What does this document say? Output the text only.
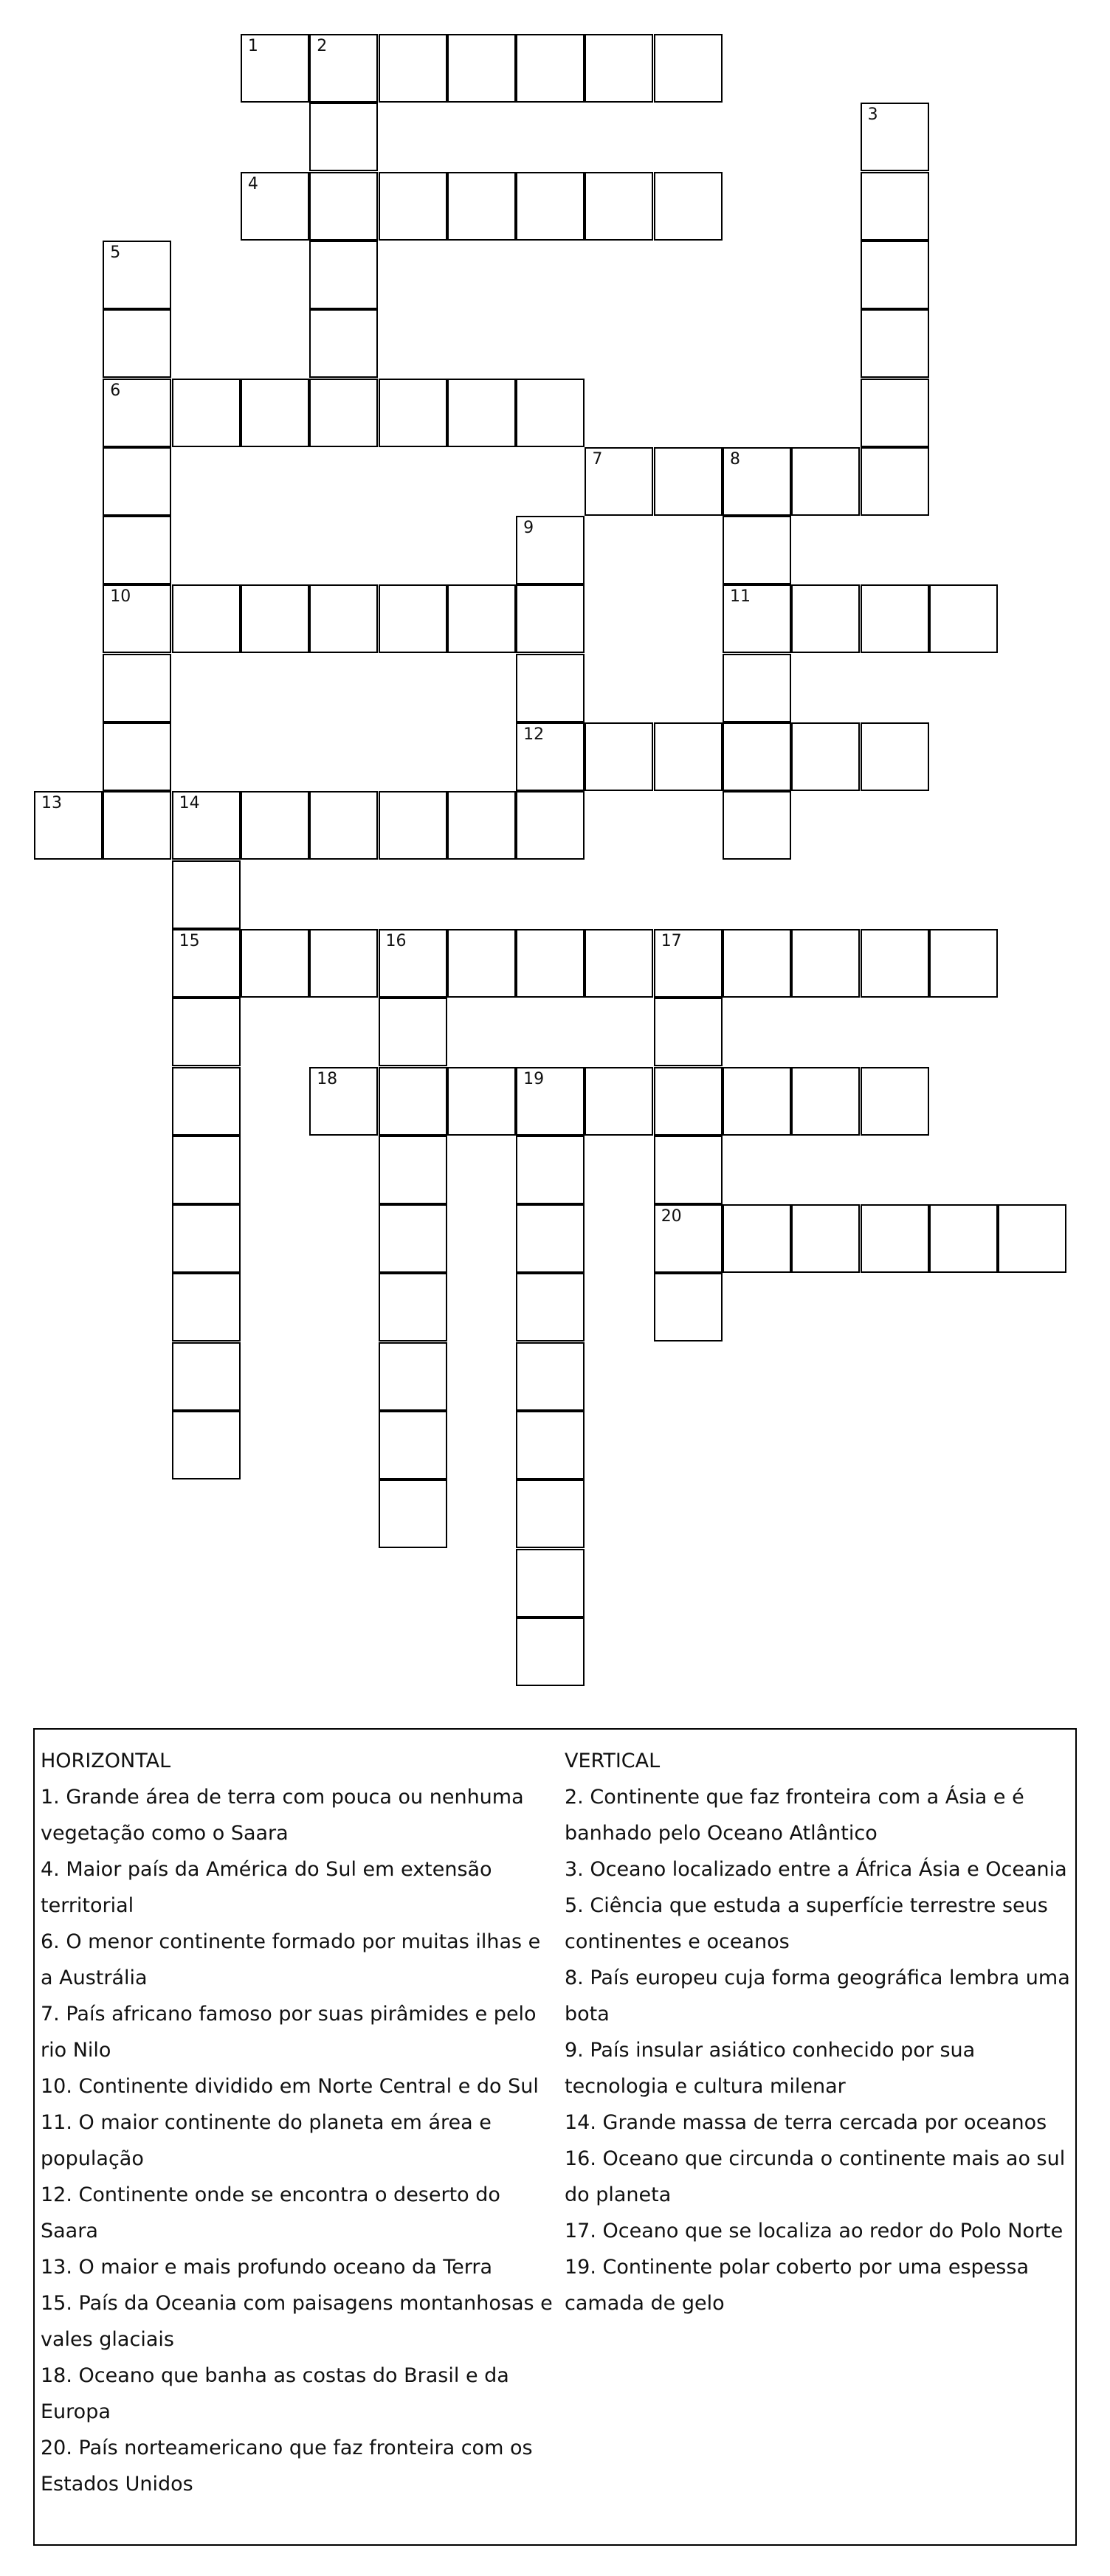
1	2
3
4
5
6
7	8
9
10	11
12
13	14
15	16	17
18	19
20
HORIZONTAL
1. Grande área de terra com pouca ou nenhuma
vegetação como o Saara
4. Maior país da América do Sul em extensão
territorial
6. O menor continente formado por muitas ilhas e
a Austrália
7. País africano famoso por suas pirâmides e pelo
rio Nilo
10. Continente dividido em Norte Central e do Sul
11. O maior continente do planeta em área e
população
12. Continente onde se encontra o deserto do
Saara
13. O maior e mais profundo oceano da Terra
15. País da Oceania com paisagens montanhosas e
vales glaciais
18. Oceano que banha as costas do Brasil e da
Europa
20. País norteamericano que faz fronteira com os
Estados Unidos
VERTICAL
2. Continente que faz fronteira com a Ásia e é
banhado pelo Oceano Atlântico
3. Oceano localizado entre a África Ásia e Oceania
5. Ciência que estuda a superfície terrestre seus
continentes e oceanos
8. País europeu cuja forma geográfica lembra uma
bota
9. País insular asiático conhecido por sua
tecnologia e cultura milenar
14. Grande massa de terra cercada por oceanos
16. Oceano que circunda o continente mais ao sul
do planeta
17. Oceano que se localiza ao redor do Polo Norte
19. Continente polar coberto por uma espessa
camada de gelo
